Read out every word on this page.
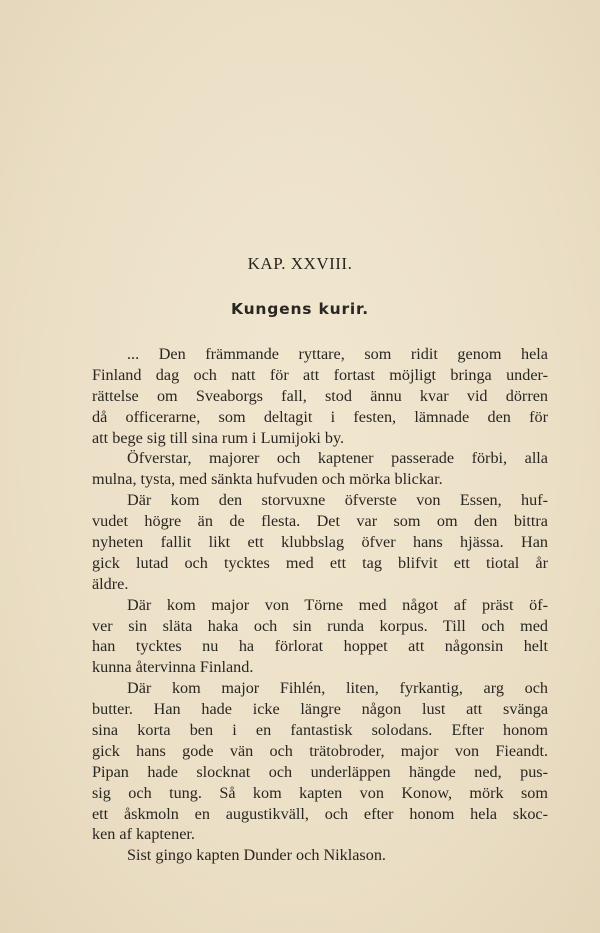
KAP. XXVIII.
Kungens kurir.
... Den främmande ryttare, som ridit genom hela
Finland dag och natt för att fortast möjligt bringa under-
rättelse om Sveaborgs fall, stod ännu kvar vid dörren
då officerarne, som deltagit i festen, lämnade den för
att bege sig till sina rum i Lumijoki by.
Öfverstar, majorer och kaptener passerade förbi, alla
mulna, tysta, med sänkta hufvuden och mörka blickar.
Där kom den storvuxne öfverste von Essen, huf-
vudet högre än de flesta. Det var som om den bittra
nyheten fallit likt ett klubbslag öfver hans hjässa. Han
gick lutad och tycktes med ett tag blifvit ett tiotal år
äldre.
Där kom major von Törne med något af präst öf-
ver sin släta haka och sin runda korpus. Till och med
han tycktes nu ha förlorat hoppet att någonsin helt
kunna återvinna Finland.
Där kom major Fihlén, liten, fyrkantig, arg och
butter. Han hade icke längre någon lust att svänga
sina korta ben i en fantastisk solodans. Efter honom
gick hans gode vän och trätobroder, major von Fieandt.
Pipan hade slocknat och underläppen hängde ned, pus-
sig och tung. Så kom kapten von Konow, mörk som
ett åskmoln en augustikväll, och efter honom hela skoc-
ken af kaptener.
Sist gingo kapten Dunder och Niklason.
